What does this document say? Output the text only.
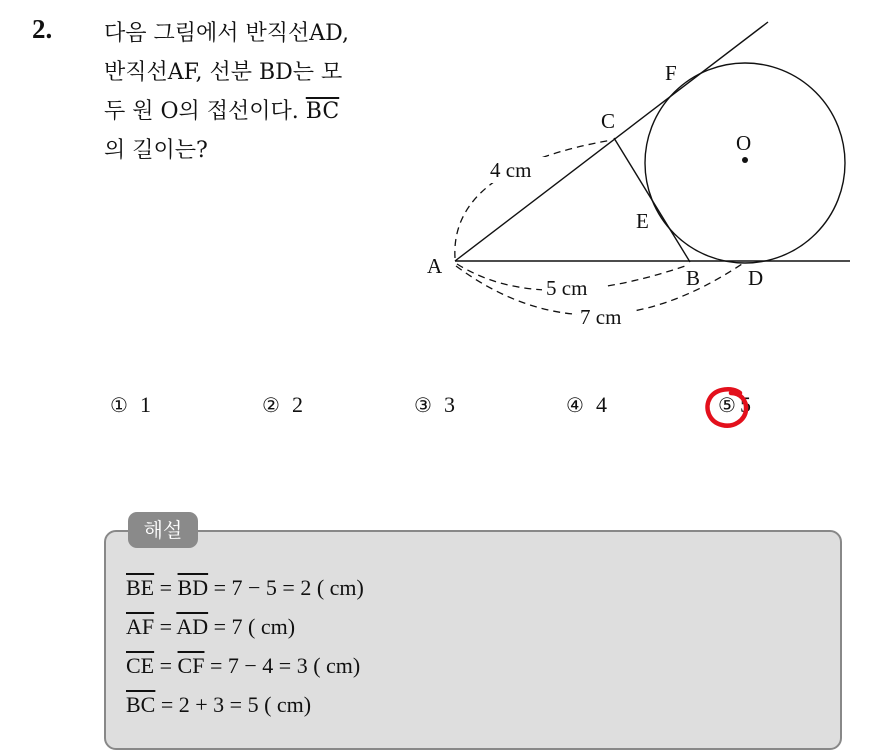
2. 다음 그림에서 반직선AD,
반직선AF, 선분 BD는 모
두 원 O의 접선이다. $\overline{BC}$
의 길이는?
A	B
C
D
E
F
O
4 cm
5 cm
7 cm
① 1	② 2	③ 3	④ 4	⑤ 5
해설
$\overline{BE} = \overline{BD} = 7 - 5 = 2$ ( cm)
$\overline{AF} = \overline{AD} = 7$ ( cm)
$\overline{CE} = \overline{CF} = 7 - 4 = 3$ ( cm)
$\overline{BC} = 2 + 3 = 5$ ( cm)
